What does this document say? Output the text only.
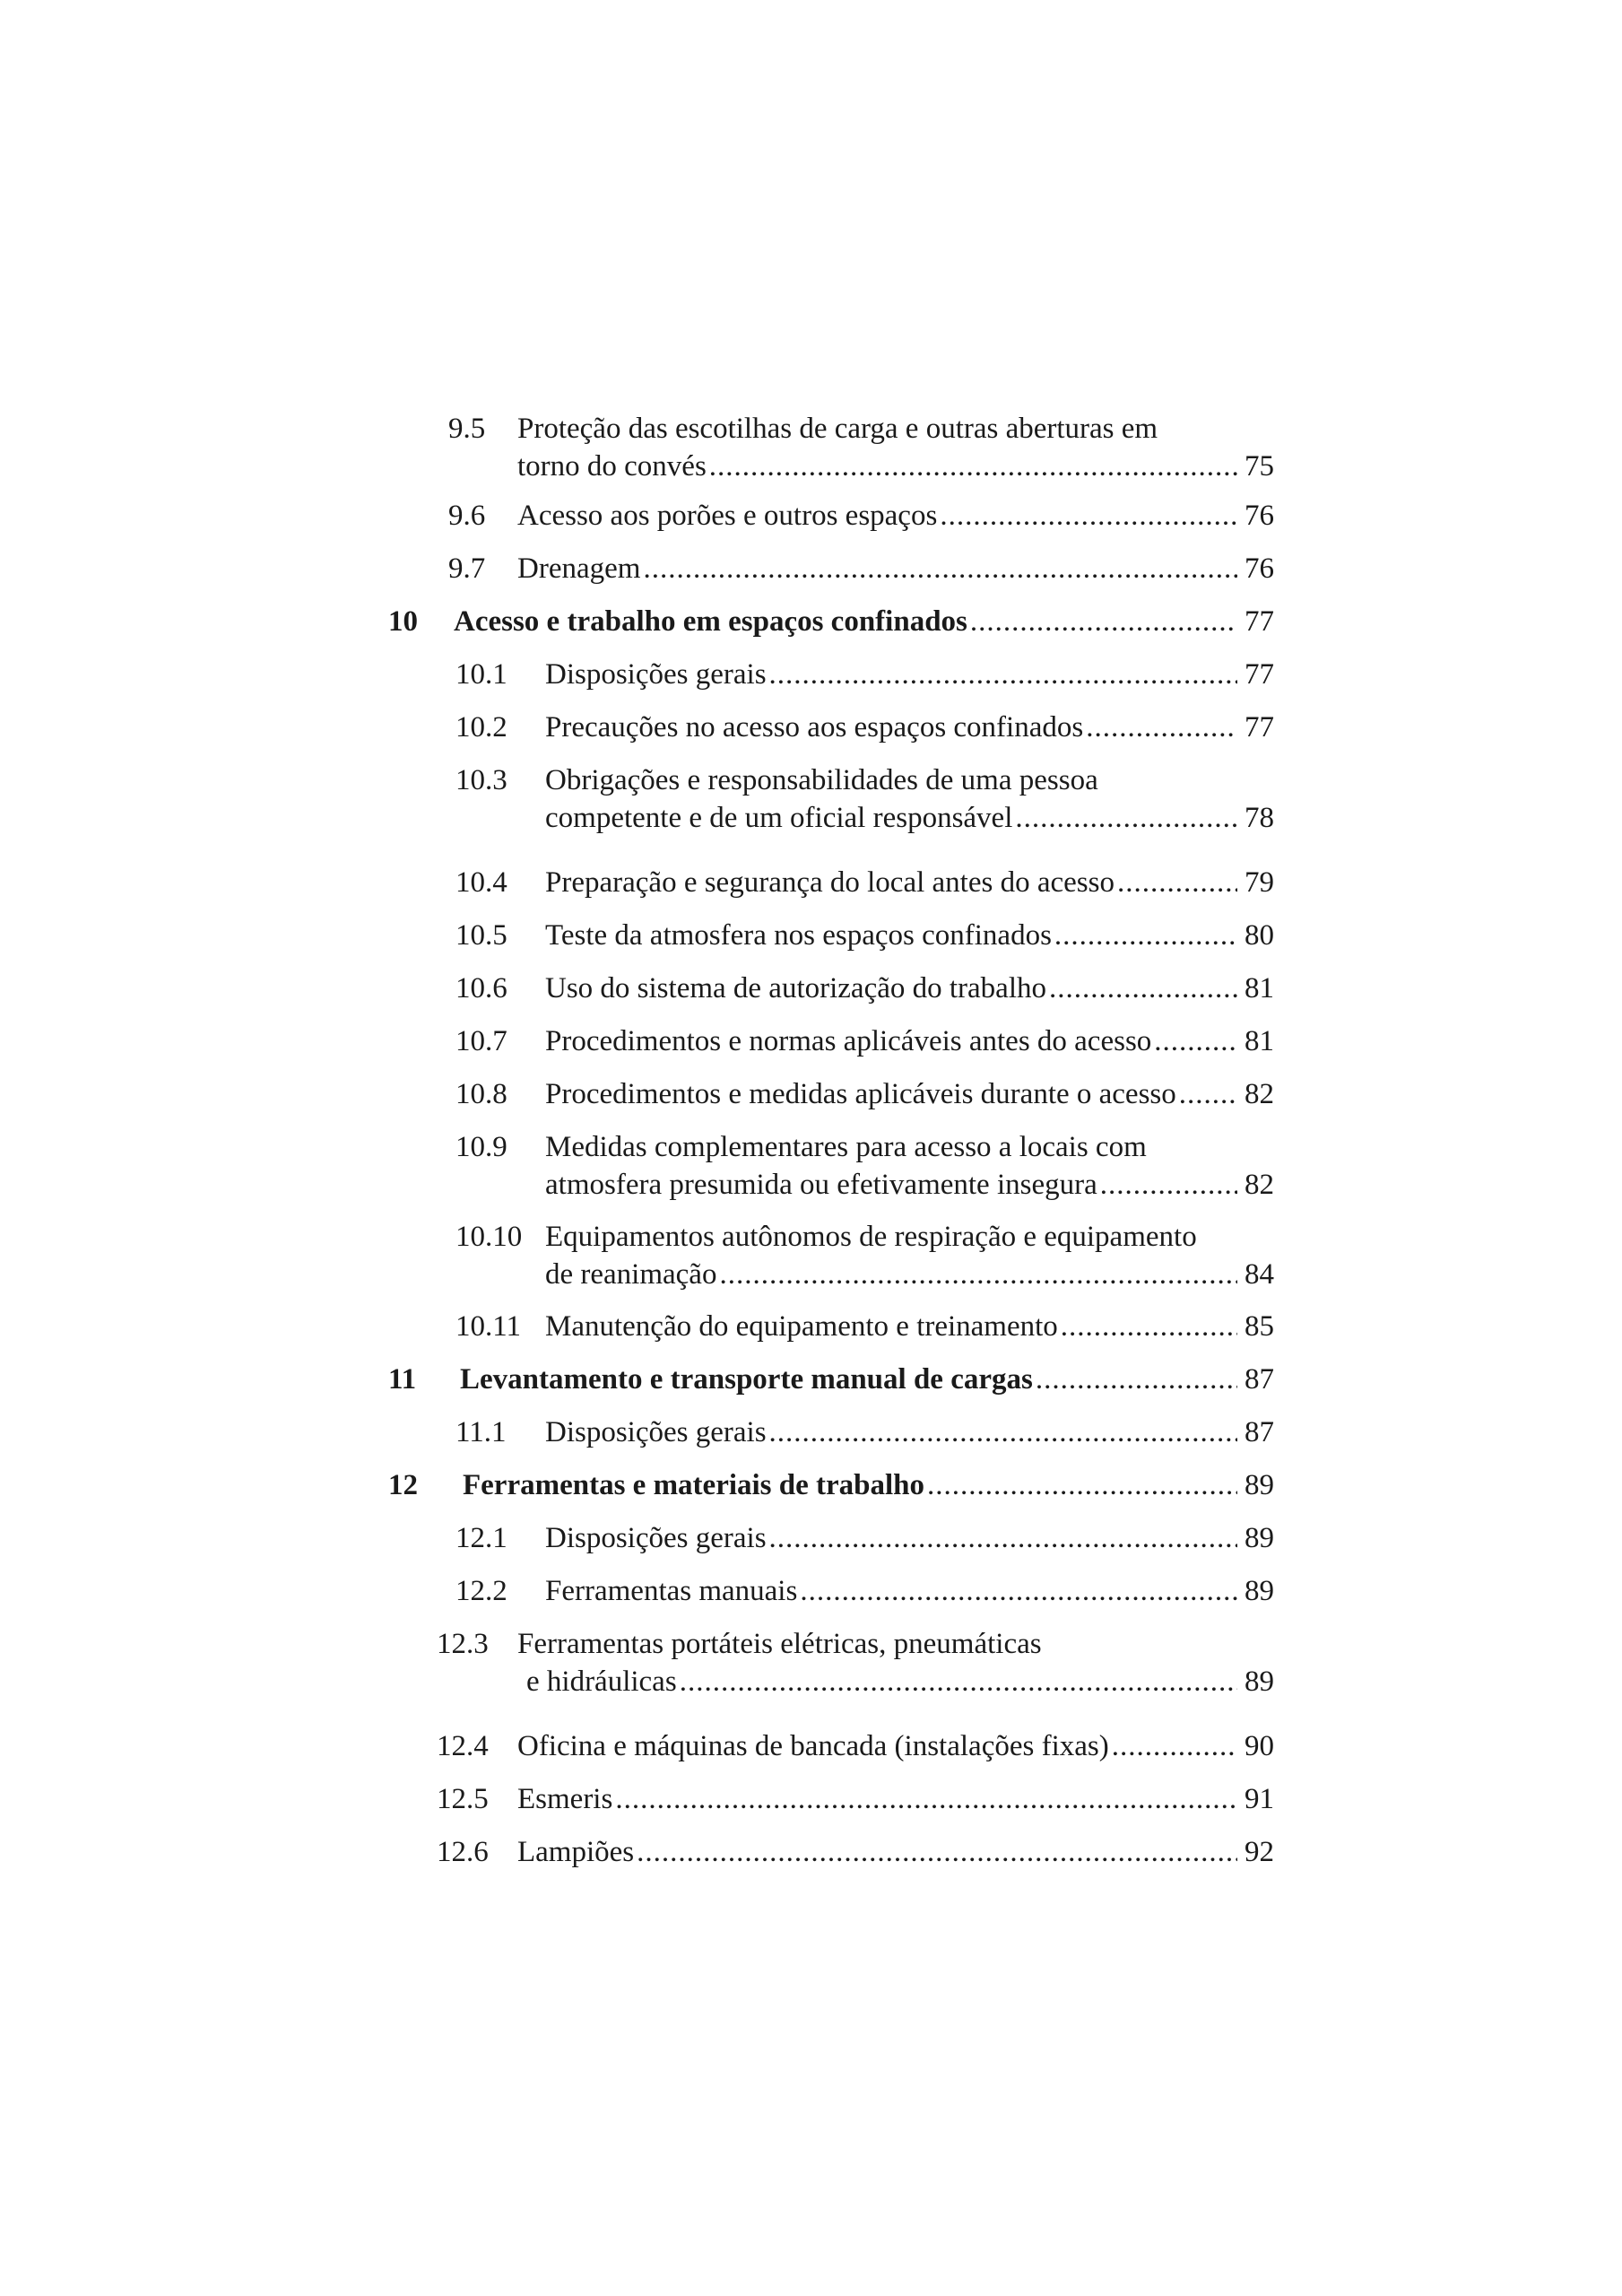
9.5 Proteção das escotilhas de carga e outras aberturas em
torno do convés .....	75
9.6 Acesso aos porões e outros espaços .....	76
9.7 Drenagem .....	76
10 Acesso e trabalho em espaços confinados .....	77
10.1 Disposições gerais .....	77
10.2 Precauções no acesso aos espaços confinados .....	77
10.3 Obrigações e responsabilidades de uma pessoa
competente e de um oficial responsável .....	78
10.4 Preparação e segurança do local antes do acesso .....	79
10.5 Teste da atmosfera nos espaços confinados .....	80
10.6 Uso do sistema de autorização do trabalho .....	81
10.7 Procedimentos e normas aplicáveis antes do acesso .....	81
10.8 Procedimentos e medidas aplicáveis durante o acesso ..... 82
10.9 Medidas complementares para acesso a locais com
atmosfera presumida ou efetivamente insegura .....	82
10.10 Equipamentos autônomos de respiração e equipamento
de reanimação .....	84
10.11 Manutenção do equipamento e treinamento .....	85
11 Levantamento e transporte manual de cargas .....	87
11.1 Disposições gerais .....	87
12 Ferramentas e materiais de trabalho .....	89
12.1 Disposições gerais .....	89
12.2 Ferramentas manuais .....	89
12.3 Ferramentas portáteis elétricas, pneumáticas
e hidráulicas .....	89
12.4 Oficina e máquinas de bancada (instalações fixas) .....	90
12.5 Esmeris .....	91
12.6 Lampiões .....	92
